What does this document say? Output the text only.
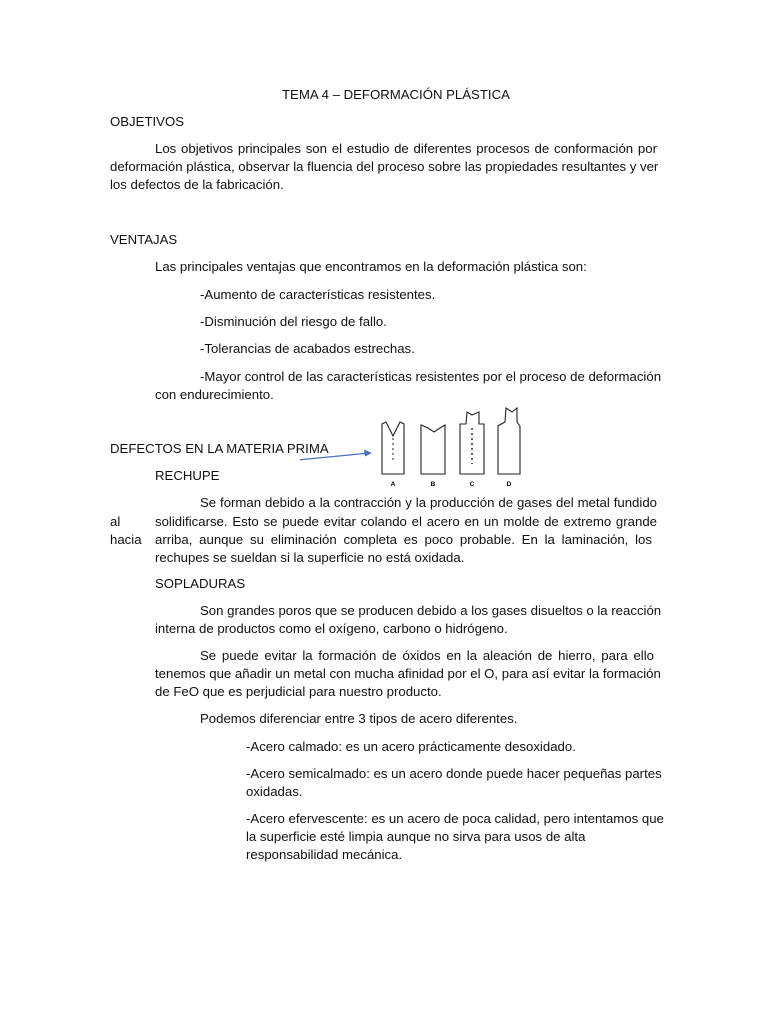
TEMA 4 – DEFORMACIÓN PLÁSTICA
OBJETIVOS
Los objetivos principales son el estudio de diferentes procesos de conformación por
deformación plástica, observar la fluencia del proceso sobre las propiedades resultantes y ver
los defectos de la fabricación.
VENTAJAS
Las principales ventajas que encontramos en la deformación plástica son:
-Aumento de características resistentes.
-Disminución del riesgo de fallo.
-Tolerancias de acabados estrechas.
-Mayor control de las características resistentes por el proceso de deformación
con endurecimiento.
DEFECTOS EN LA MATERIA PRIMA
A	B	C	D
RECHUPE
Se forman debido a la contracción y la producción de gases del metal fundido
al	solidificarse. Esto se puede evitar colando el acero en un molde de extremo grande
hacia arriba, aunque su eliminación completa es poco probable. En la laminación, los
rechupes se sueldan si la superficie no está oxidada.
SOPLADURAS
Son grandes poros que se producen debido a los gases disueltos o la reacción
interna de productos como el oxígeno, carbono o hidrógeno.
Se puede evitar la formación de óxidos en la aleación de hierro, para ello
tenemos que añadir un metal con mucha afinidad por el O, para así evitar la formación
de FeO que es perjudicial para nuestro producto.
Podemos diferenciar entre 3 tipos de acero diferentes.
-Acero calmado: es un acero prácticamente desoxidado.
-Acero semicalmado: es un acero donde puede hacer pequeñas partes
oxidadas.
-Acero efervescente: es un acero de poca calidad, pero intentamos que
la superficie esté limpia aunque no sirva para usos de alta
responsabilidad mecánica.
